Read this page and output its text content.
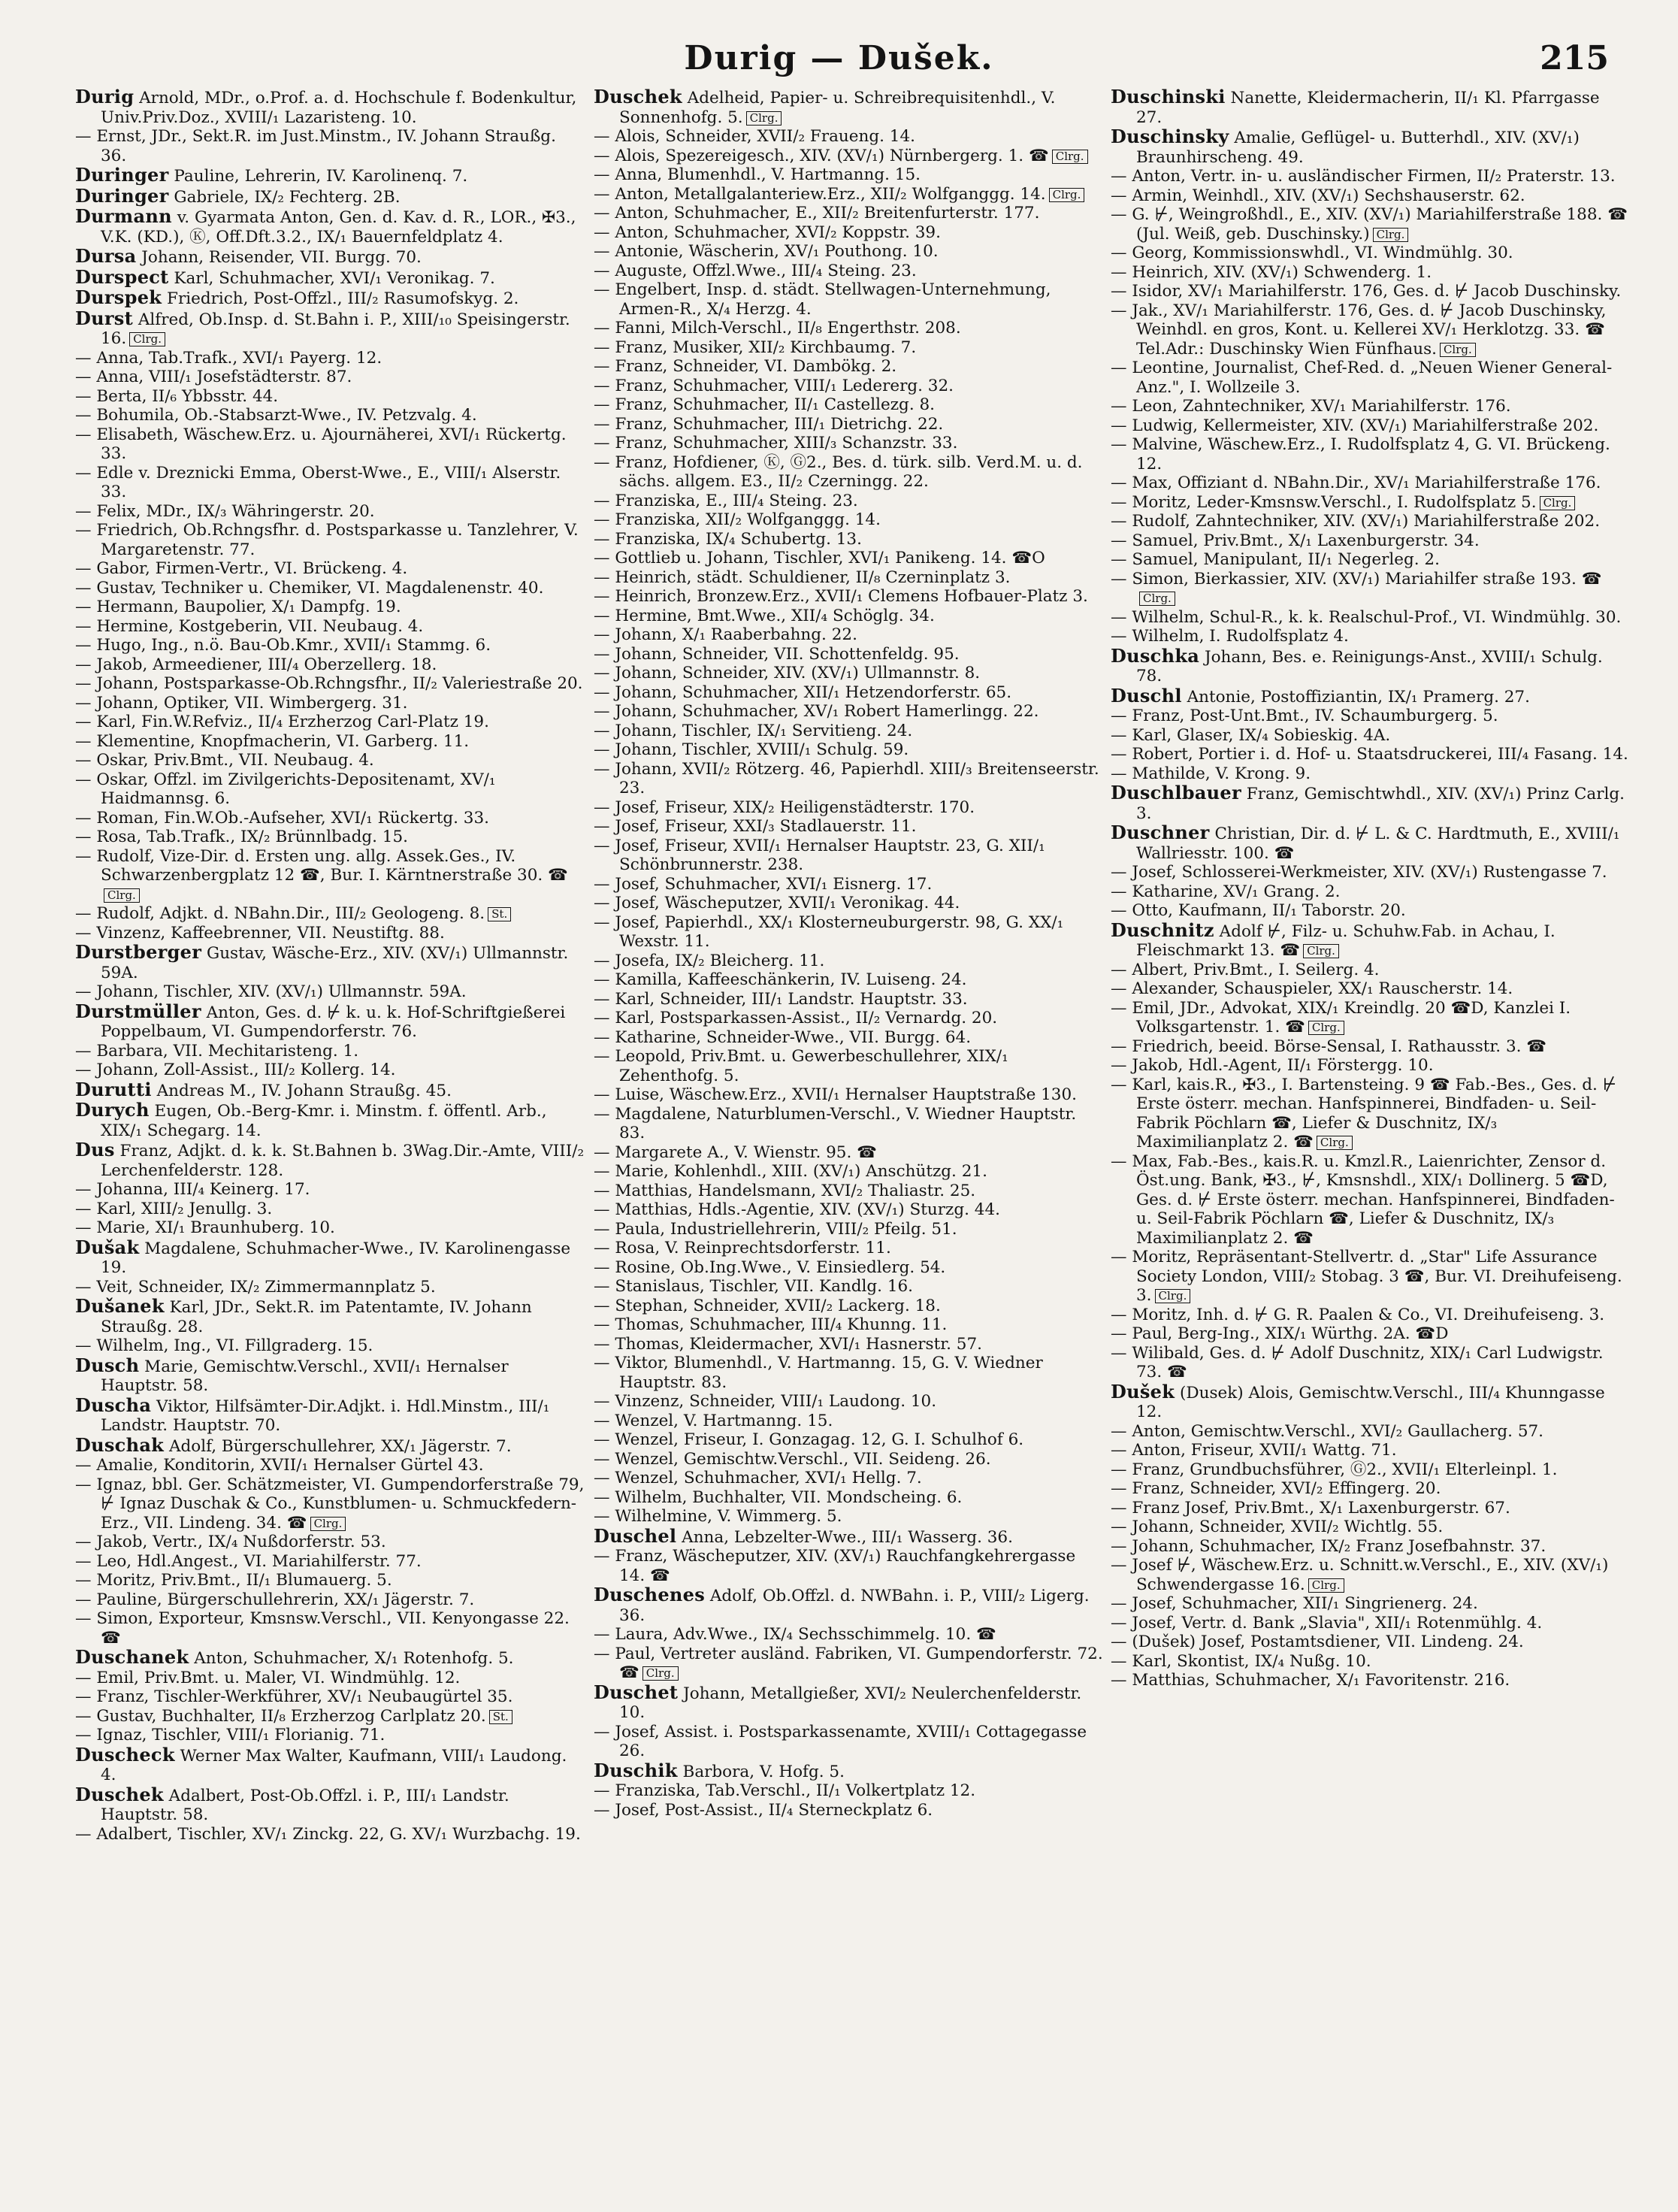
Durig — Dušek.	215
Durig Arnold, MDr., o.Prof. a. d. Hochschule f. Bodenkultur, Univ.Priv.Doz., XVIII/₁ Lazaristeng. 10.
— Ernst, JDr., Sekt.R. im Just.Minstm., IV. Johann Straußg. 36.
Duringer Pauline, Lehrerin, IV. Karolinenq. 7.
Duringer Gabriele, IX/₂ Fechterg. 2B.
Durmann v. Gyarmata Anton, Gen. d. Kav. d. R., LOR., ✠3., V.K. (KD.), Ⓚ, Off.Dft.3.2., IX/₁ Bauernfeldplatz 4.
Dursa Johann, Reisender, VII. Burgg. 70.
Durspect Karl, Schuhmacher, XVI/₁ Veronikag. 7.
Durspek Friedrich, Post-Offzl., III/₂ Rasumofskyg. 2.
Durst Alfred, Ob.Insp. d. St.Bahn i. P., XIII/₁₀ Speisingerstr. 16. Clrg.
— Anna, Tab.Trafk., XVI/₁ Payerg. 12.
— Anna, VIII/₁ Josefstädterstr. 87.
— Berta, II/₆ Ybbsstr. 44.
— Bohumila, Ob.-Stabsarzt-Wwe., IV. Petzvalg. 4.
— Elisabeth, Wäschew.Erz. u. Ajournäherei, XVI/₁ Rückertg. 33.
— Edle v. Dreznicki Emma, Oberst-Wwe., E., VIII/₁ Alserstr. 33.
— Felix, MDr., IX/₃ Währingerstr. 20.
— Friedrich, Ob.Rchngsfhr. d. Postsparkasse u. Tanzlehrer, V. Margaretenstr. 77.
— Gabor, Firmen-Vertr., VI. Brückeng. 4.
— Gustav, Techniker u. Chemiker, VI. Magdalenenstr. 40.
— Hermann, Baupolier, X/₁ Dampfg. 19.
— Hermine, Kostgeberin, VII. Neubaug. 4.
— Hugo, Ing., n.ö. Bau-Ob.Kmr., XVII/₁ Stammg. 6.
— Jakob, Armeediener, III/₄ Oberzellerg. 18.
— Johann, Postsparkasse-Ob.Rchngsfhr., II/₂ Valeriestraße 20.
— Johann, Optiker, VII. Wimbergerg. 31.
— Karl, Fin.W.Refviz., II/₄ Erzherzog Carl-Platz 19.
— Klementine, Knopfmacherin, VI. Garberg. 11.
— Oskar, Priv.Bmt., VII. Neubaug. 4.
— Oskar, Offzl. im Zivilgerichts-Depositenamt, XV/₁ Haidmannsg. 6.
— Roman, Fin.W.Ob.-Aufseher, XVI/₁ Rückertg. 33.
— Rosa, Tab.Trafk., IX/₂ Brünnlbadg. 15.
— Rudolf, Vize-Dir. d. Ersten ung. allg. Assek.Ges., IV. Schwarzenbergplatz 12 ☎, Bur. I. Kärntnerstraße 30. ☎Clrg.
— Rudolf, Adjkt. d. NBahn.Dir., III/₂ Geologeng. 8. St.
— Vinzenz, Kaffeebrenner, VII. Neustiftg. 88.
Durstberger Gustav, Wäsche-Erz., XIV. (XV/₁) Ullmannstr. 59A.
— Johann, Tischler, XIV. (XV/₁) Ullmannstr. 59A.
Durstmüller Anton, Ges. d. ⊬ k. u. k. Hof-Schriftgießerei Poppelbaum, VI. Gumpendorferstr. 76.
— Barbara, VII. Mechitaristeng. 1.
— Johann, Zoll-Assist., III/₂ Kollerg. 14.
Durutti Andreas M., IV. Johann Straußg. 45.
Durych Eugen, Ob.-Berg-Kmr. i. Minstm. f. öffentl. Arb., XIX/₁ Schegarg. 14.
Dus Franz, Adjkt. d. k. k. St.Bahnen b. 3Wag.Dir.-Amte, VIII/₂ Lerchenfelderstr. 128.
— Johanna, III/₄ Keinerg. 17.
— Karl, XIII/₂ Jenullg. 3.
— Marie, XI/₁ Braunhuberg. 10.
Dušak Magdalene, Schuhmacher-Wwe., IV. Karolinengasse 19.
— Veit, Schneider, IX/₂ Zimmermannplatz 5.
Dušanek Karl, JDr., Sekt.R. im Patentamte, IV. Johann Straußg. 28.
— Wilhelm, Ing., VI. Fillgraderg. 15.
Dusch Marie, Gemischtw.Verschl., XVII/₁ Hernalser Hauptstr. 58.
Duscha Viktor, Hilfsämter-Dir.Adjkt. i. Hdl.Minstm., III/₁ Landstr. Hauptstr. 70.
Duschak Adolf, Bürgerschullehrer, XX/₁ Jägerstr. 7.
— Amalie, Konditorin, XVII/₁ Hernalser Gürtel 43.
— Ignaz, bbl. Ger. Schätzmeister, VI. Gumpendorferstraße 79, ⊬ Ignaz Duschak & Co., Kunstblumen- u. Schmuckfedern-Erz., VII. Lindeng. 34. ☎ Clrg.
— Jakob, Vertr., IX/₄ Nußdorferstr. 53.
— Leo, Hdl.Angest., VI. Mariahilferstr. 77.
— Moritz, Priv.Bmt., II/₁ Blumauerg. 5.
— Pauline, Bürgerschullehrerin, XX/₁ Jägerstr. 7.
— Simon, Exporteur, Kmsnsw.Verschl., VII. Kenyongasse 22. ☎
Duschanek Anton, Schuhmacher, X/₁ Rotenhofg. 5.
— Emil, Priv.Bmt. u. Maler, VI. Windmühlg. 12.
— Franz, Tischler-Werkführer, XV/₁ Neubaugürtel 35.
— Gustav, Buchhalter, II/₈ Erzherzog Carlplatz 20. St.
— Ignaz, Tischler, VIII/₁ Florianig. 71.
Duscheck Werner Max Walter, Kaufmann, VIII/₁ Laudong. 4.
Duschek Adalbert, Post-Ob.Offzl. i. P., III/₁ Landstr. Hauptstr. 58.
— Adalbert, Tischler, XV/₁ Zinckg. 22, G. XV/₁ Wurzbachg. 19.
Duschek Adelheid, Papier- u. Schreibrequisitenhdl., V. Sonnenhofg. 5. Clrg.
— Alois, Schneider, XVII/₂ Fraueng. 14.
— Alois, Spezereigesch., XIV. (XV/₁) Nürnbergerg. 1. ☎ Clrg.
— Anna, Blumenhdl., V. Hartmanng. 15.
— Anton, Metallgalanteriew.Erz., XII/₂ Wolfganggg. 14. Clrg.
— Anton, Schuhmacher, E., XII/₂ Breitenfurterstr. 177.
— Anton, Schuhmacher, XVI/₂ Koppstr. 39.
— Antonie, Wäscherin, XV/₁ Pouthong. 10.
— Auguste, Offzl.Wwe., III/₄ Steing. 23.
— Engelbert, Insp. d. städt. Stellwagen-Unternehmung, Armen-R., X/₄ Herzg. 4.
— Fanni, Milch-Verschl., II/₈ Engerthstr. 208.
— Franz, Musiker, XII/₂ Kirchbaumg. 7.
— Franz, Schneider, VI. Dambökg. 2.
— Franz, Schuhmacher, VIII/₁ Ledererg. 32.
— Franz, Schuhmacher, II/₁ Castellezg. 8.
— Franz, Schuhmacher, III/₁ Dietrichg. 22.
— Franz, Schuhmacher, XIII/₃ Schanzstr. 33.
— Franz, Hofdiener, Ⓚ, Ⓖ2., Bes. d. türk. silb. Verd.M. u. d. sächs. allgem. E3., II/₂ Czerningg. 22.
— Franziska, E., III/₄ Steing. 23.
— Franziska, XII/₂ Wolfganggg. 14.
— Franziska, IX/₄ Schubertg. 13.
— Gottlieb u. Johann, Tischler, XVI/₁ Panikeng. 14. ☎O
— Heinrich, städt. Schuldiener, II/₈ Czerninplatz 3.
— Heinrich, Bronzew.Erz., XVII/₁ Clemens Hofbauer-Platz 3.
— Hermine, Bmt.Wwe., XII/₄ Schöglg. 34.
— Johann, X/₁ Raaberbahng. 22.
— Johann, Schneider, VII. Schottenfeldg. 95.
— Johann, Schneider, XIV. (XV/₁) Ullmannstr. 8.
— Johann, Schuhmacher, XII/₁ Hetzendorferstr. 65.
— Johann, Schuhmacher, XV/₁ Robert Hamerlingg. 22.
— Johann, Tischler, IX/₁ Servitieng. 24.
— Johann, Tischler, XVIII/₁ Schulg. 59.
— Johann, XVII/₂ Rötzerg. 46, Papierhdl. XIII/₃ Breitenseerstr. 23.
— Josef, Friseur, XIX/₂ Heiligenstädterstr. 170.
— Josef, Friseur, XXI/₃ Stadlauerstr. 11.
— Josef, Friseur, XVII/₁ Hernalser Hauptstr. 23, G. XII/₁ Schönbrunnerstr. 238.
— Josef, Schuhmacher, XVI/₁ Eisnerg. 17.
— Josef, Wäscheputzer, XVII/₁ Veronikag. 44.
— Josef, Papierhdl., XX/₁ Klosterneuburgerstr. 98, G. XX/₁ Wexstr. 11.
— Josefa, IX/₂ Bleicherg. 11.
— Kamilla, Kaffeeschänkerin, IV. Luiseng. 24.
— Karl, Schneider, III/₁ Landstr. Hauptstr. 33.
— Karl, Postsparkassen-Assist., II/₂ Vernardg. 20.
— Katharine, Schneider-Wwe., VII. Burgg. 64.
— Leopold, Priv.Bmt. u. Gewerbeschullehrer, XIX/₁ Zehenthofg. 5.
— Luise, Wäschew.Erz., XVII/₁ Hernalser Hauptstraße 130.
— Magdalene, Naturblumen-Verschl., V. Wiedner Hauptstr. 83.
— Margarete A., V. Wienstr. 95. ☎
— Marie, Kohlenhdl., XIII. (XV/₁) Anschützg. 21.
— Matthias, Handelsmann, XVI/₂ Thaliastr. 25.
— Matthias, Hdls.-Agentie, XIV. (XV/₁) Sturzg. 44.
— Paula, Industriellehrerin, VIII/₂ Pfeilg. 51.
— Rosa, V. Reinprechtsdorferstr. 11.
— Rosine, Ob.Ing.Wwe., V. Einsiedlerg. 54.
— Stanislaus, Tischler, VII. Kandlg. 16.
— Stephan, Schneider, XVII/₂ Lackerg. 18.
— Thomas, Schuhmacher, III/₄ Khunng. 11.
— Thomas, Kleidermacher, XVI/₁ Hasnerstr. 57.
— Viktor, Blumenhdl., V. Hartmanng. 15, G. V. Wiedner Hauptstr. 83.
— Vinzenz, Schneider, VIII/₁ Laudong. 10.
— Wenzel, V. Hartmanng. 15.
— Wenzel, Friseur, I. Gonzagag. 12, G. I. Schulhof 6.
— Wenzel, Gemischtw.Verschl., VII. Seideng. 26.
— Wenzel, Schuhmacher, XVI/₁ Hellg. 7.
— Wilhelm, Buchhalter, VII. Mondscheing. 6.
— Wilhelmine, V. Wimmerg. 5.
Duschel Anna, Lebzelter-Wwe., III/₁ Wasserg. 36.
— Franz, Wäscheputzer, XIV. (XV/₁) Rauchfangkehrergasse 14. ☎
Duschenes Adolf, Ob.Offzl. d. NWBahn. i. P., VIII/₂ Ligerg. 36.
— Laura, Adv.Wwe., IX/₄ Sechsschimmelg. 10. ☎
— Paul, Vertreter ausländ. Fabriken, VI. Gumpendorferstr. 72. ☎ Clrg.
Duschet Johann, Metallgießer, XVI/₂ Neulerchenfelderstr. 10.
— Josef, Assist. i. Postsparkassenamte, XVIII/₁ Cottagegasse 26.
Duschik Barbora, V. Hofg. 5.
— Franziska, Tab.Verschl., II/₁ Volkertplatz 12.
— Josef, Post-Assist., II/₄ Sterneckplatz 6.
Duschinski Nanette, Kleidermacherin, II/₁ Kl. Pfarrgasse 27.
Duschinsky Amalie, Geflügel- u. Butterhdl., XIV. (XV/₁) Braunhirscheng. 49.
— Anton, Vertr. in- u. ausländischer Firmen, II/₂ Praterstr. 13.
— Armin, Weinhdl., XIV. (XV/₁) Sechshauserstr. 62.
— G. ⊬, Weingroßhdl., E., XIV. (XV/₁) Mariahilferstraße 188. ☎ (Jul. Weiß, geb. Duschinsky.) Clrg.
— Georg, Kommissionswhdl., VI. Windmühlg. 30.
— Heinrich, XIV. (XV/₁) Schwenderg. 1.
— Isidor, XV/₁ Mariahilferstr. 176, Ges. d. ⊬ Jacob Duschinsky.
— Jak., XV/₁ Mariahilferstr. 176, Ges. d. ⊬ Jacob Duschinsky, Weinhdl. en gros, Kont. u. Kellerei XV/₁ Herklotzg. 33. ☎ Tel.Adr.: Duschinsky Wien Fünfhaus. Clrg.
— Leontine, Journalist, Chef-Red. d. „Neuen Wiener General-Anz.", I. Wollzeile 3.
— Leon, Zahntechniker, XV/₁ Mariahilferstr. 176.
— Ludwig, Kellermeister, XIV. (XV/₁) Mariahilferstraße 202.
— Malvine, Wäschew.Erz., I. Rudolfsplatz 4, G. VI. Brückeng. 12.
— Max, Offiziant d. NBahn.Dir., XV/₁ Mariahilferstraße 176.
— Moritz, Leder-Kmsnsw.Verschl., I. Rudolfsplatz 5. Clrg.
— Rudolf, Zahntechniker, XIV. (XV/₁) Mariahilferstraße 202.
— Samuel, Priv.Bmt., X/₁ Laxenburgerstr. 34.
— Samuel, Manipulant, II/₁ Negerleg. 2.
— Simon, Bierkassier, XIV. (XV/₁) Mariahilfer straße 193. ☎Clrg.
— Wilhelm, Schul-R., k. k. Realschul-Prof., VI. Windmühlg. 30.
— Wilhelm, I. Rudolfsplatz 4.
Duschka Johann, Bes. e. Reinigungs-Anst., XVIII/₁ Schulg. 78.
Duschl Antonie, Postoffiziantin, IX/₁ Pramerg. 27.
— Franz, Post-Unt.Bmt., IV. Schaumburgerg. 5.
— Karl, Glaser, IX/₄ Sobieskig. 4A.
— Robert, Portier i. d. Hof- u. Staatsdruckerei, III/₄ Fasang. 14.
— Mathilde, V. Krong. 9.
Duschlbauer Franz, Gemischtwhdl., XIV. (XV/₁) Prinz Carlg. 3.
Duschner Christian, Dir. d. ⊬ L. & C. Hardtmuth, E., XVIII/₁ Wallriesstr. 100. ☎
— Josef, Schlosserei-Werkmeister, XIV. (XV/₁) Rustengasse 7.
— Katharine, XV/₁ Grang. 2.
— Otto, Kaufmann, II/₁ Taborstr. 20.
Duschnitz Adolf ⊬, Filz- u. Schuhw.Fab. in Achau, I. Fleischmarkt 13. ☎ Clrg.
— Albert, Priv.Bmt., I. Seilerg. 4.
— Alexander, Schauspieler, XX/₁ Rauscherstr. 14.
— Emil, JDr., Advokat, XIX/₁ Kreindlg. 20 ☎D, Kanzlei I. Volksgartenstr. 1. ☎ Clrg.
— Friedrich, beeid. Börse-Sensal, I. Rathausstr. 3. ☎
— Jakob, Hdl.-Agent, II/₁ Förstergg. 10.
— Karl, kais.R., ✠3., I. Bartensteing. 9 ☎ Fab.-Bes., Ges. d. ⊬ Erste österr. mechan. Hanfspinnerei, Bindfaden- u. Seil-Fabrik Pöchlarn ☎, Liefer & Duschnitz, IX/₃ Maximilianplatz 2. ☎ Clrg.
— Max, Fab.-Bes., kais.R. u. Kmzl.R., Laienrichter, Zensor d. Öst.ung. Bank, ✠3., ⊬, Kmsnshdl., XIX/₁ Dollinerg. 5 ☎D, Ges. d. ⊬ Erste österr. mechan. Hanfspinnerei, Bindfaden- u. Seil-Fabrik Pöchlarn ☎, Liefer & Duschnitz, IX/₃ Maximilianplatz 2. ☎
— Moritz, Repräsentant-Stellvertr. d. „Star" Life Assurance Society London, VIII/₂ Stobag. 3 ☎, Bur. VI. Dreihufeiseng. 3. Clrg.
— Moritz, Inh. d. ⊬ G. R. Paalen & Co., VI. Dreihufeiseng. 3.
— Paul, Berg-Ing., XIX/₁ Würthg. 2A. ☎D
— Wilibald, Ges. d. ⊬ Adolf Duschnitz, XIX/₁ Carl Ludwigstr. 73. ☎
Dušek (Dusek) Alois, Gemischtw.Verschl., III/₄ Khunngasse 12.
— Anton, Gemischtw.Verschl., XVI/₂ Gaullacherg. 57.
— Anton, Friseur, XVII/₁ Wattg. 71.
— Franz, Grundbuchsführer, Ⓖ2., XVII/₁ Elterleinpl. 1.
— Franz, Schneider, XVI/₂ Effingerg. 20.
— Franz Josef, Priv.Bmt., X/₁ Laxenburgerstr. 67.
— Johann, Schneider, XVII/₂ Wichtlg. 55.
— Johann, Schuhmacher, IX/₂ Franz Josefbahnstr. 37.
— Josef ⊬, Wäschew.Erz. u. Schnitt.w.Verschl., E., XIV. (XV/₁) Schwendergasse 16. Clrg.
— Josef, Schuhmacher, XII/₁ Singrienerg. 24.
— Josef, Vertr. d. Bank „Slavia", XII/₁ Rotenmühlg. 4.
— (Dušek) Josef, Postamtsdiener, VII. Lindeng. 24.
— Karl, Skontist, IX/₄ Nußg. 10.
— Matthias, Schuhmacher, X/₁ Favoritenstr. 216.
